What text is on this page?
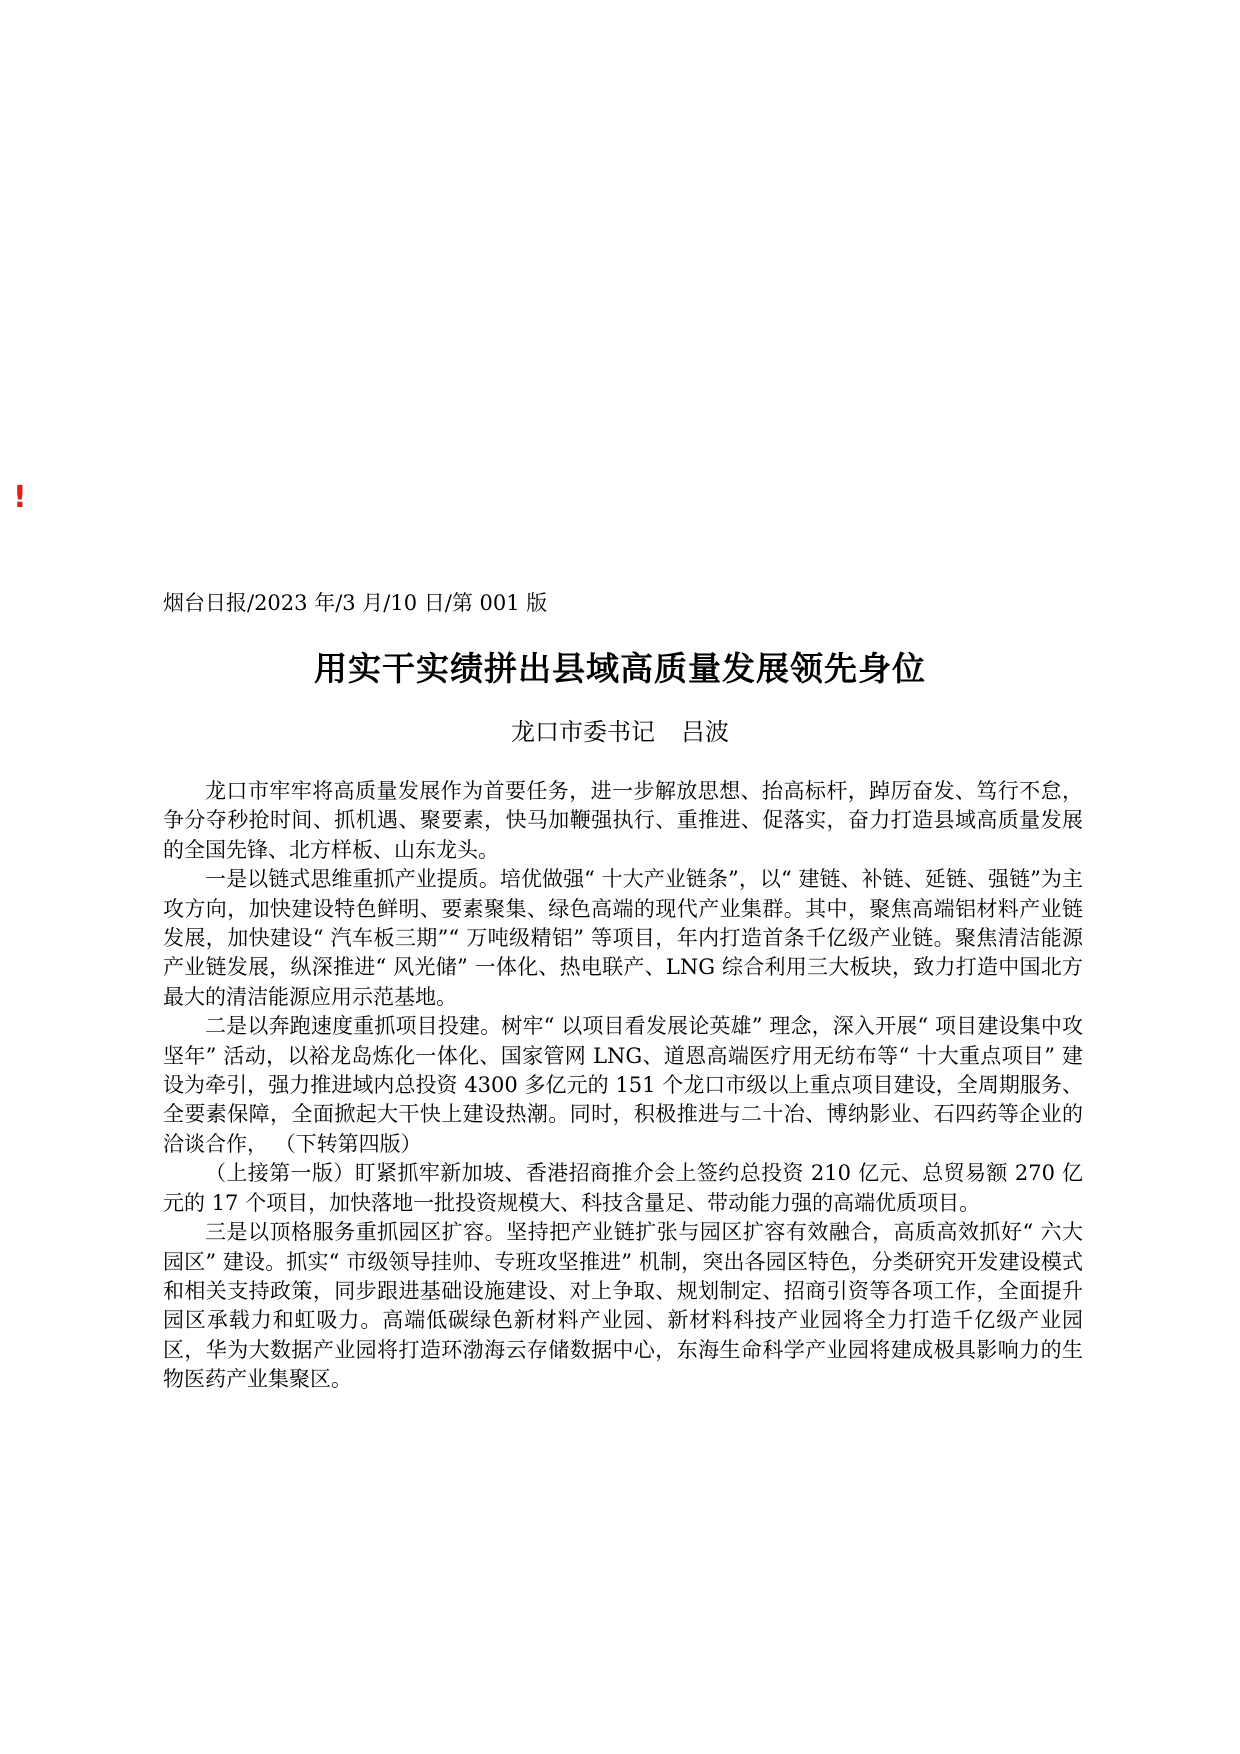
!
烟台日报/2023 年/3 月/10 日/第 001 版
用实干实绩拼出县域高质量发展领先身位
龙口市委书记 吕波

龙口市牢牢将高质量发展作为首要任务，进一步解放思想、抬高标杆，踔厉奋发、笃行不怠，争分夺秒抢时间、抓机遇、聚要素，快马加鞭强执行、重推进、促落实，奋力打造县域高质量发展的全国先锋、北方样板、山东龙头。

一是以链式思维重抓产业提质。培优做强“ 十大产业链条”，以“ 建链、补链、延链、强链”为主攻方向，加快建设特色鲜明、要素聚集、绿色高端的现代产业集群。其中，聚焦高端铝材料产业链发展，加快建设“ 汽车板三期”“ 万吨级精铝” 等项目，年内打造首条千亿级产业链。聚焦清洁能源产业链发展，纵深推进“ 风光储” 一体化、热电联产、LNG 综合利用三大板块，致力打造中国北方最大的清洁能源应用示范基地。

二是以奔跑速度重抓项目投建。树牢“ 以项目看发展论英雄” 理念，深入开展“ 项目建设集中攻坚年” 活动，以裕龙岛炼化一体化、国家管网 LNG、道恩高端医疗用无纺布等“ 十大重点项目” 建设为牵引，强力推进域内总投资 4300 多亿元的 151 个龙口市级以上重点项目建设，全周期服务、全要素保障，全面掀起大干快上建设热潮。同时，积极推进与二十冶、博纳影业、石四药等企业的洽谈合作， （下转第四版）

（上接第一版）盯紧抓牢新加坡、香港招商推介会上签约总投资 210 亿元、总贸易额 270 亿元的 17 个项目，加快落地一批投资规模大、科技含量足、带动能力强的高端优质项目。

三是以顶格服务重抓园区扩容。坚持把产业链扩张与园区扩容有效融合，高质高效抓好“ 六大园区” 建设。抓实“ 市级领导挂帅、专班攻坚推进” 机制，突出各园区特色，分类研究开发建设模式和相关支持政策，同步跟进基础设施建设、对上争取、规划制定、招商引资等各项工作，全面提升园区承载力和虹吸力。高端低碳绿色新材料产业园、新材料科技产业园将全力打造千亿级产业园区，华为大数据产业园将打造环渤海云存储数据中心，东海生命科学产业园将建成极具影响力的生物医药产业集聚区。
